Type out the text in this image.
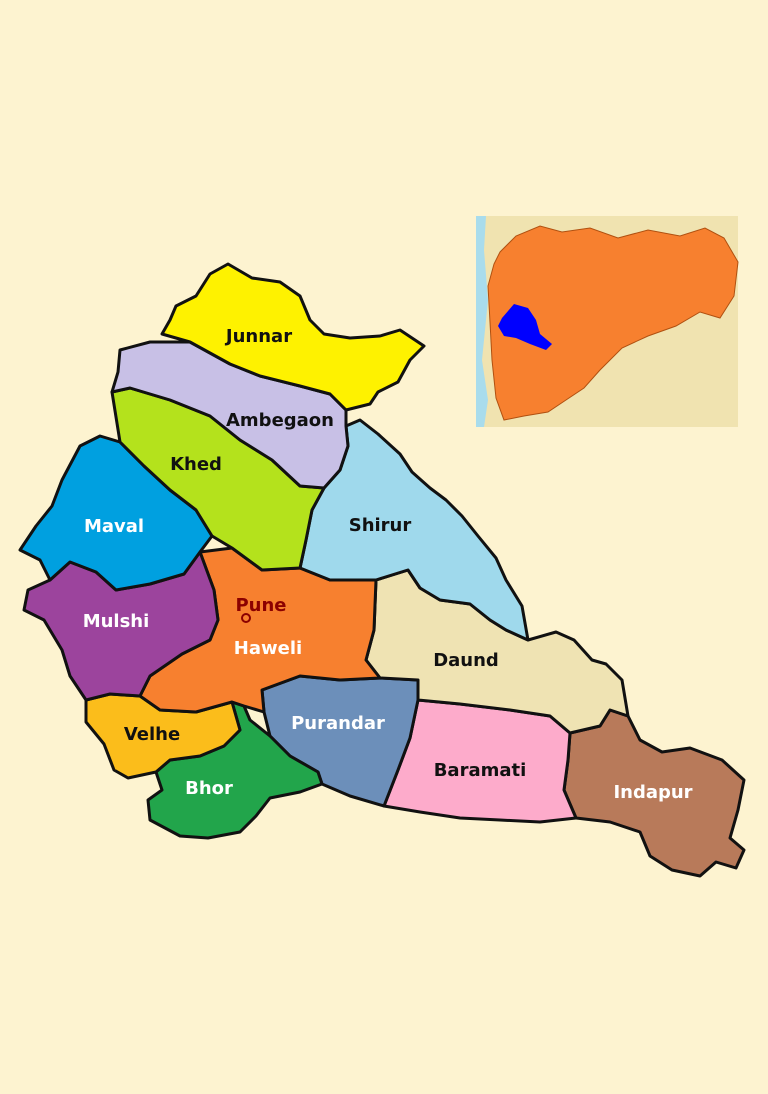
Pune
Junnar
Ambegaon
Khed
Maval	Shirur
Mulshi
Haweli
Daund
Velhe
Purandar
Bhor
Baramati
Indapur
